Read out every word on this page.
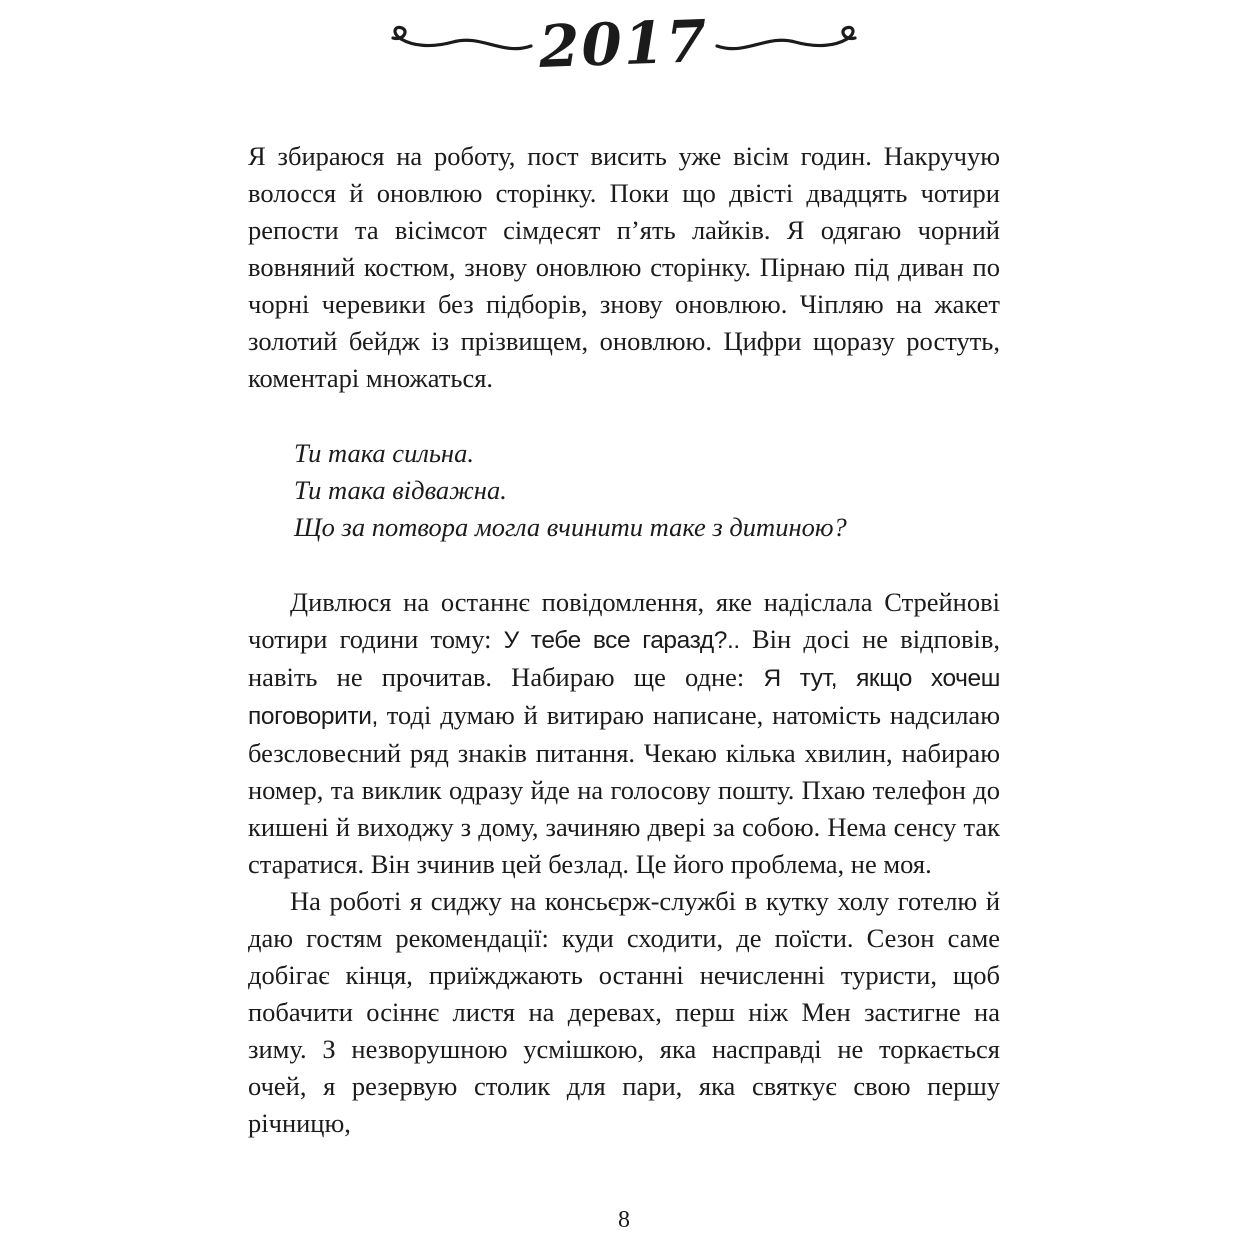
2017

Я збираюся на роботу, пост висить уже вісім годин. Накручую волосся й оновлюю сторінку. Поки що двісті двадцять чотири репости та вісімсот сімдесят п’ять лайків. Я одягаю чорний вовняний костюм, знову оновлюю сторінку. Пірнаю під диван по чорні черевики без підборів, знову оновлюю. Чіпляю на жакет золотий бейдж із прізвищем, оновлюю. Цифри щоразу ростуть, коментарі множаться.

Ти така сильна.
Ти така відважна.
Що за потвора могла вчинити таке з дитиною?

Дивлюся на останнє повідомлення, яке надіслала Стрейнові чотири години тому: У тебе все гаразд?.. Він досі не відповів, навіть не прочитав. Набираю ще одне: Я тут, якщо хочеш поговорити, тоді думаю й витираю написане, натомість надсилаю безсловесний ряд знаків питання. Чекаю кілька хвилин, набираю номер, та виклик одразу йде на голосову пошту. Пхаю телефон до кишені й виходжу з дому, зачиняю двері за собою. Нема сенсу так старатися. Він зчинив цей безлад. Це його проблема, не моя.

На роботі я сиджу на консьєрж-службі в кутку холу готелю й даю гостям рекомендації: куди сходити, де поїсти. Сезон саме добігає кінця, приїжджають останні нечисленні туристи, щоб побачити осіннє листя на деревах, перш ніж Мен застигне на зиму. З незворушною усмішкою, яка насправді не торкається очей, я резервую столик для пари, яка святкує свою першу річницю,

8
